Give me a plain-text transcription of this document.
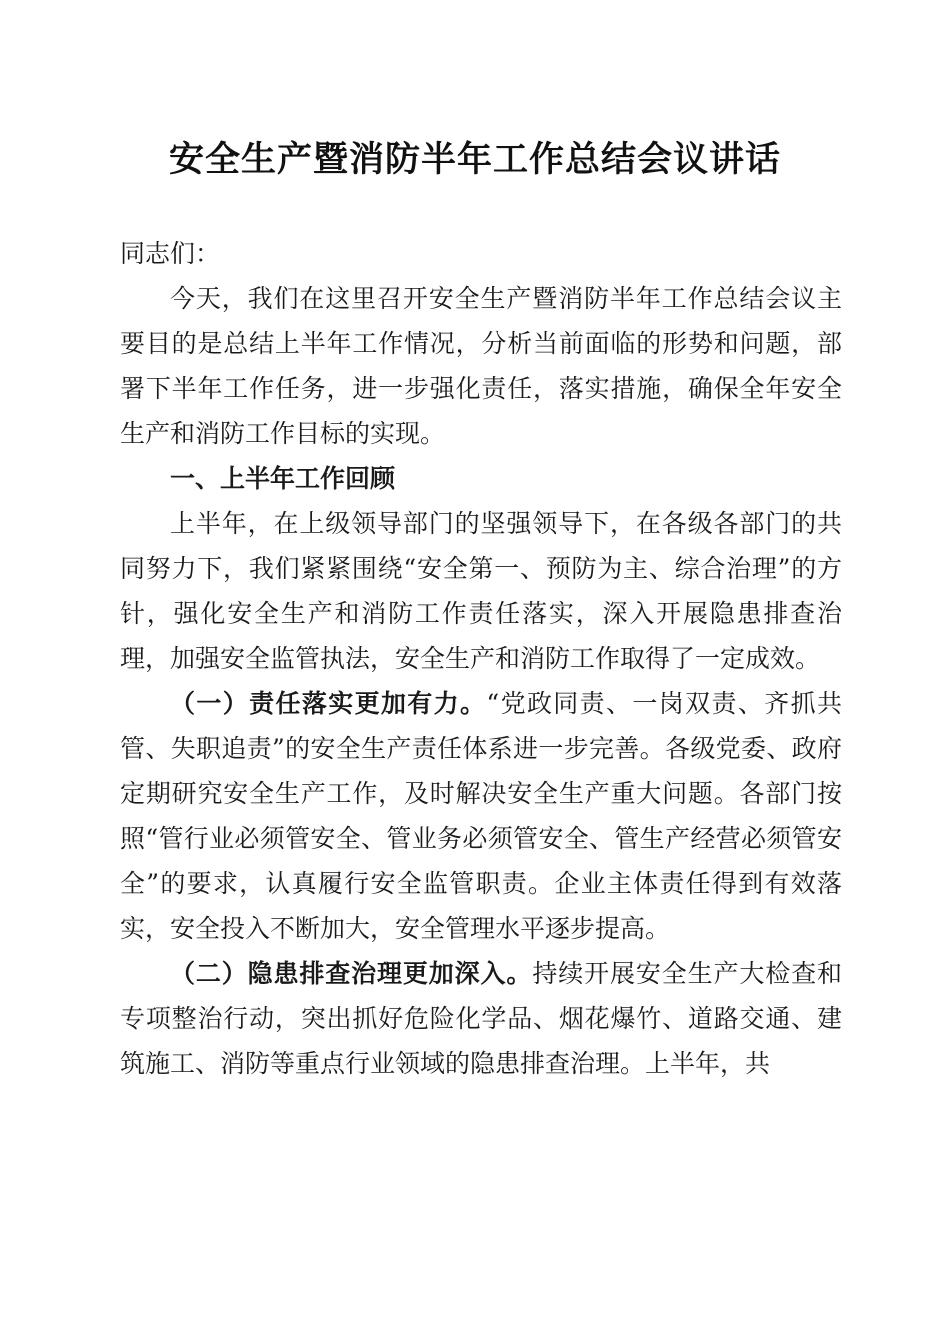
安全生产暨消防半年工作总结会议讲话

同志们：

今天，我们在这里召开安全生产暨消防半年工作总结会议主要目的是总结上半年工作情况，分析当前面临的形势和问题，部署下半年工作任务，进一步强化责任，落实措施，确保全年安全生产和消防工作目标的实现。

一、上半年工作回顾

上半年，在上级领导部门的坚强领导下，在各级各部门的共同努力下，我们紧紧围绕“安全第一、预防为主、综合治理”的方针，强化安全生产和消防工作责任落实，深入开展隐患排查治理，加强安全监管执法，安全生产和消防工作取得了一定成效。

（一）责任落实更加有力。“党政同责、一岗双责、齐抓共管、失职追责”的安全生产责任体系进一步完善。各级党委、政府定期研究安全生产工作，及时解决安全生产重大问题。各部门按照“管行业必须管安全、管业务必须管安全、管生产经营必须管安全”的要求，认真履行安全监管职责。企业主体责任得到有效落实，安全投入不断加大，安全管理水平逐步提高。

（二）隐患排查治理更加深入。持续开展安全生产大检查和专项整治行动，突出抓好危险化学品、烟花爆竹、道路交通、建筑施工、消防等重点行业领域的隐患排查治理。上半年，共
